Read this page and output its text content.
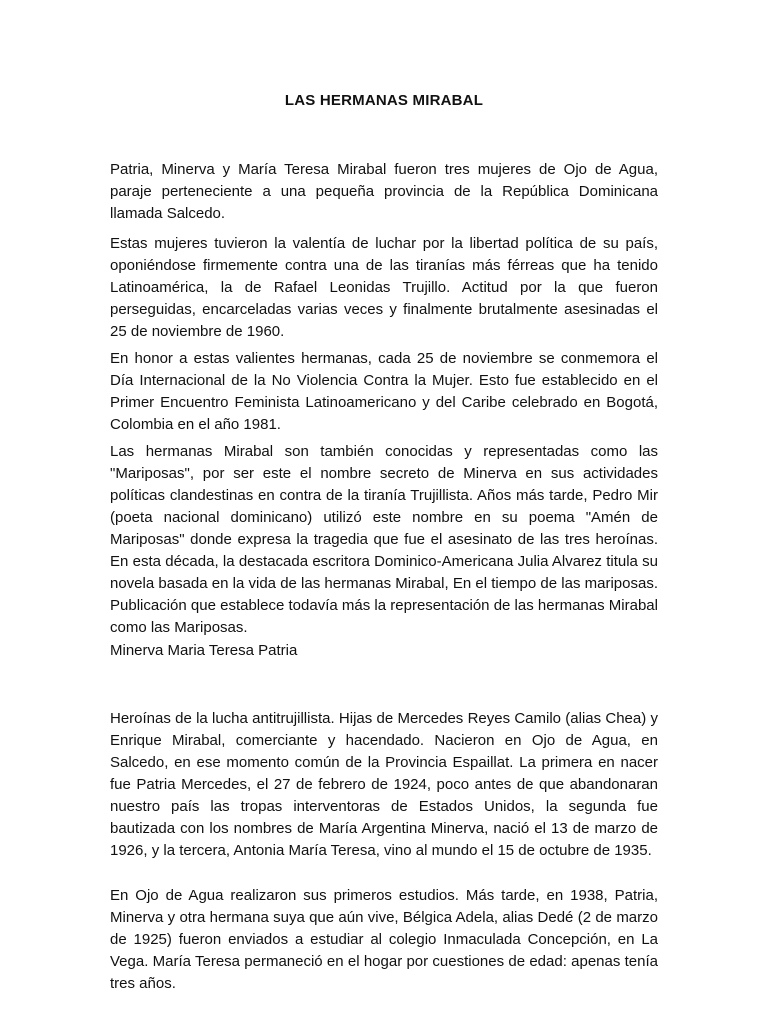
LAS HERMANAS MIRABAL

Patria, Minerva y María Teresa Mirabal fueron tres mujeres de Ojo de Agua, paraje perteneciente a una pequeña provincia de la República Dominicana llamada Salcedo.

Estas mujeres tuvieron la valentía de luchar por la libertad política de su país, oponiéndose firmemente contra una de las tiranías más férreas que ha tenido Latinoamérica, la de Rafael Leonidas Trujillo. Actitud por la que fueron perseguidas, encarceladas varias veces y finalmente brutalmente asesinadas el 25 de noviembre de 1960.

En honor a estas valientes hermanas, cada 25 de noviembre se conmemora el Día Internacional de la No Violencia Contra la Mujer. Esto fue establecido en el Primer Encuentro Feminista Latinoamericano y del Caribe celebrado en Bogotá, Colombia en el año 1981.

Las hermanas Mirabal son también conocidas y representadas como las "Mariposas", por ser este el nombre secreto de Minerva en sus actividades políticas clandestinas en contra de la tiranía Trujillista. Años más tarde, Pedro Mir (poeta nacional dominicano) utilizó este nombre en su poema "Amén de Mariposas" donde expresa la tragedia que fue el asesinato de las tres heroínas. En esta década, la destacada escritora Dominico-Americana Julia Alvarez titula su novela basada en la vida de las hermanas Mirabal, En el tiempo de las mariposas. Publicación que establece todavía más la representación de las hermanas Mirabal como las Mariposas.

Minerva Maria Teresa Patria

Heroínas de la lucha antitrujillista. Hijas de Mercedes Reyes Camilo (alias Chea) y Enrique Mirabal, comerciante y hacendado. Nacieron en Ojo de Agua, en Salcedo, en ese momento común de la Provincia Espaillat. La primera en nacer fue Patria Mercedes, el 27 de febrero de 1924, poco antes de que abandonaran nuestro país las tropas interventoras de Estados Unidos, la segunda fue bautizada con los nombres de María Argentina Minerva, nació el 13 de marzo de 1926, y la tercera, Antonia María Teresa, vino al mundo el 15 de octubre de 1935.

En Ojo de Agua realizaron sus primeros estudios. Más tarde, en 1938, Patria, Minerva y otra hermana suya que aún vive, Bélgica Adela, alias Dedé (2 de marzo de 1925) fueron enviados a estudiar al colegio Inmaculada Concepción, en La Vega. María Teresa permaneció en el hogar por cuestiones de edad: apenas tenía tres años.
